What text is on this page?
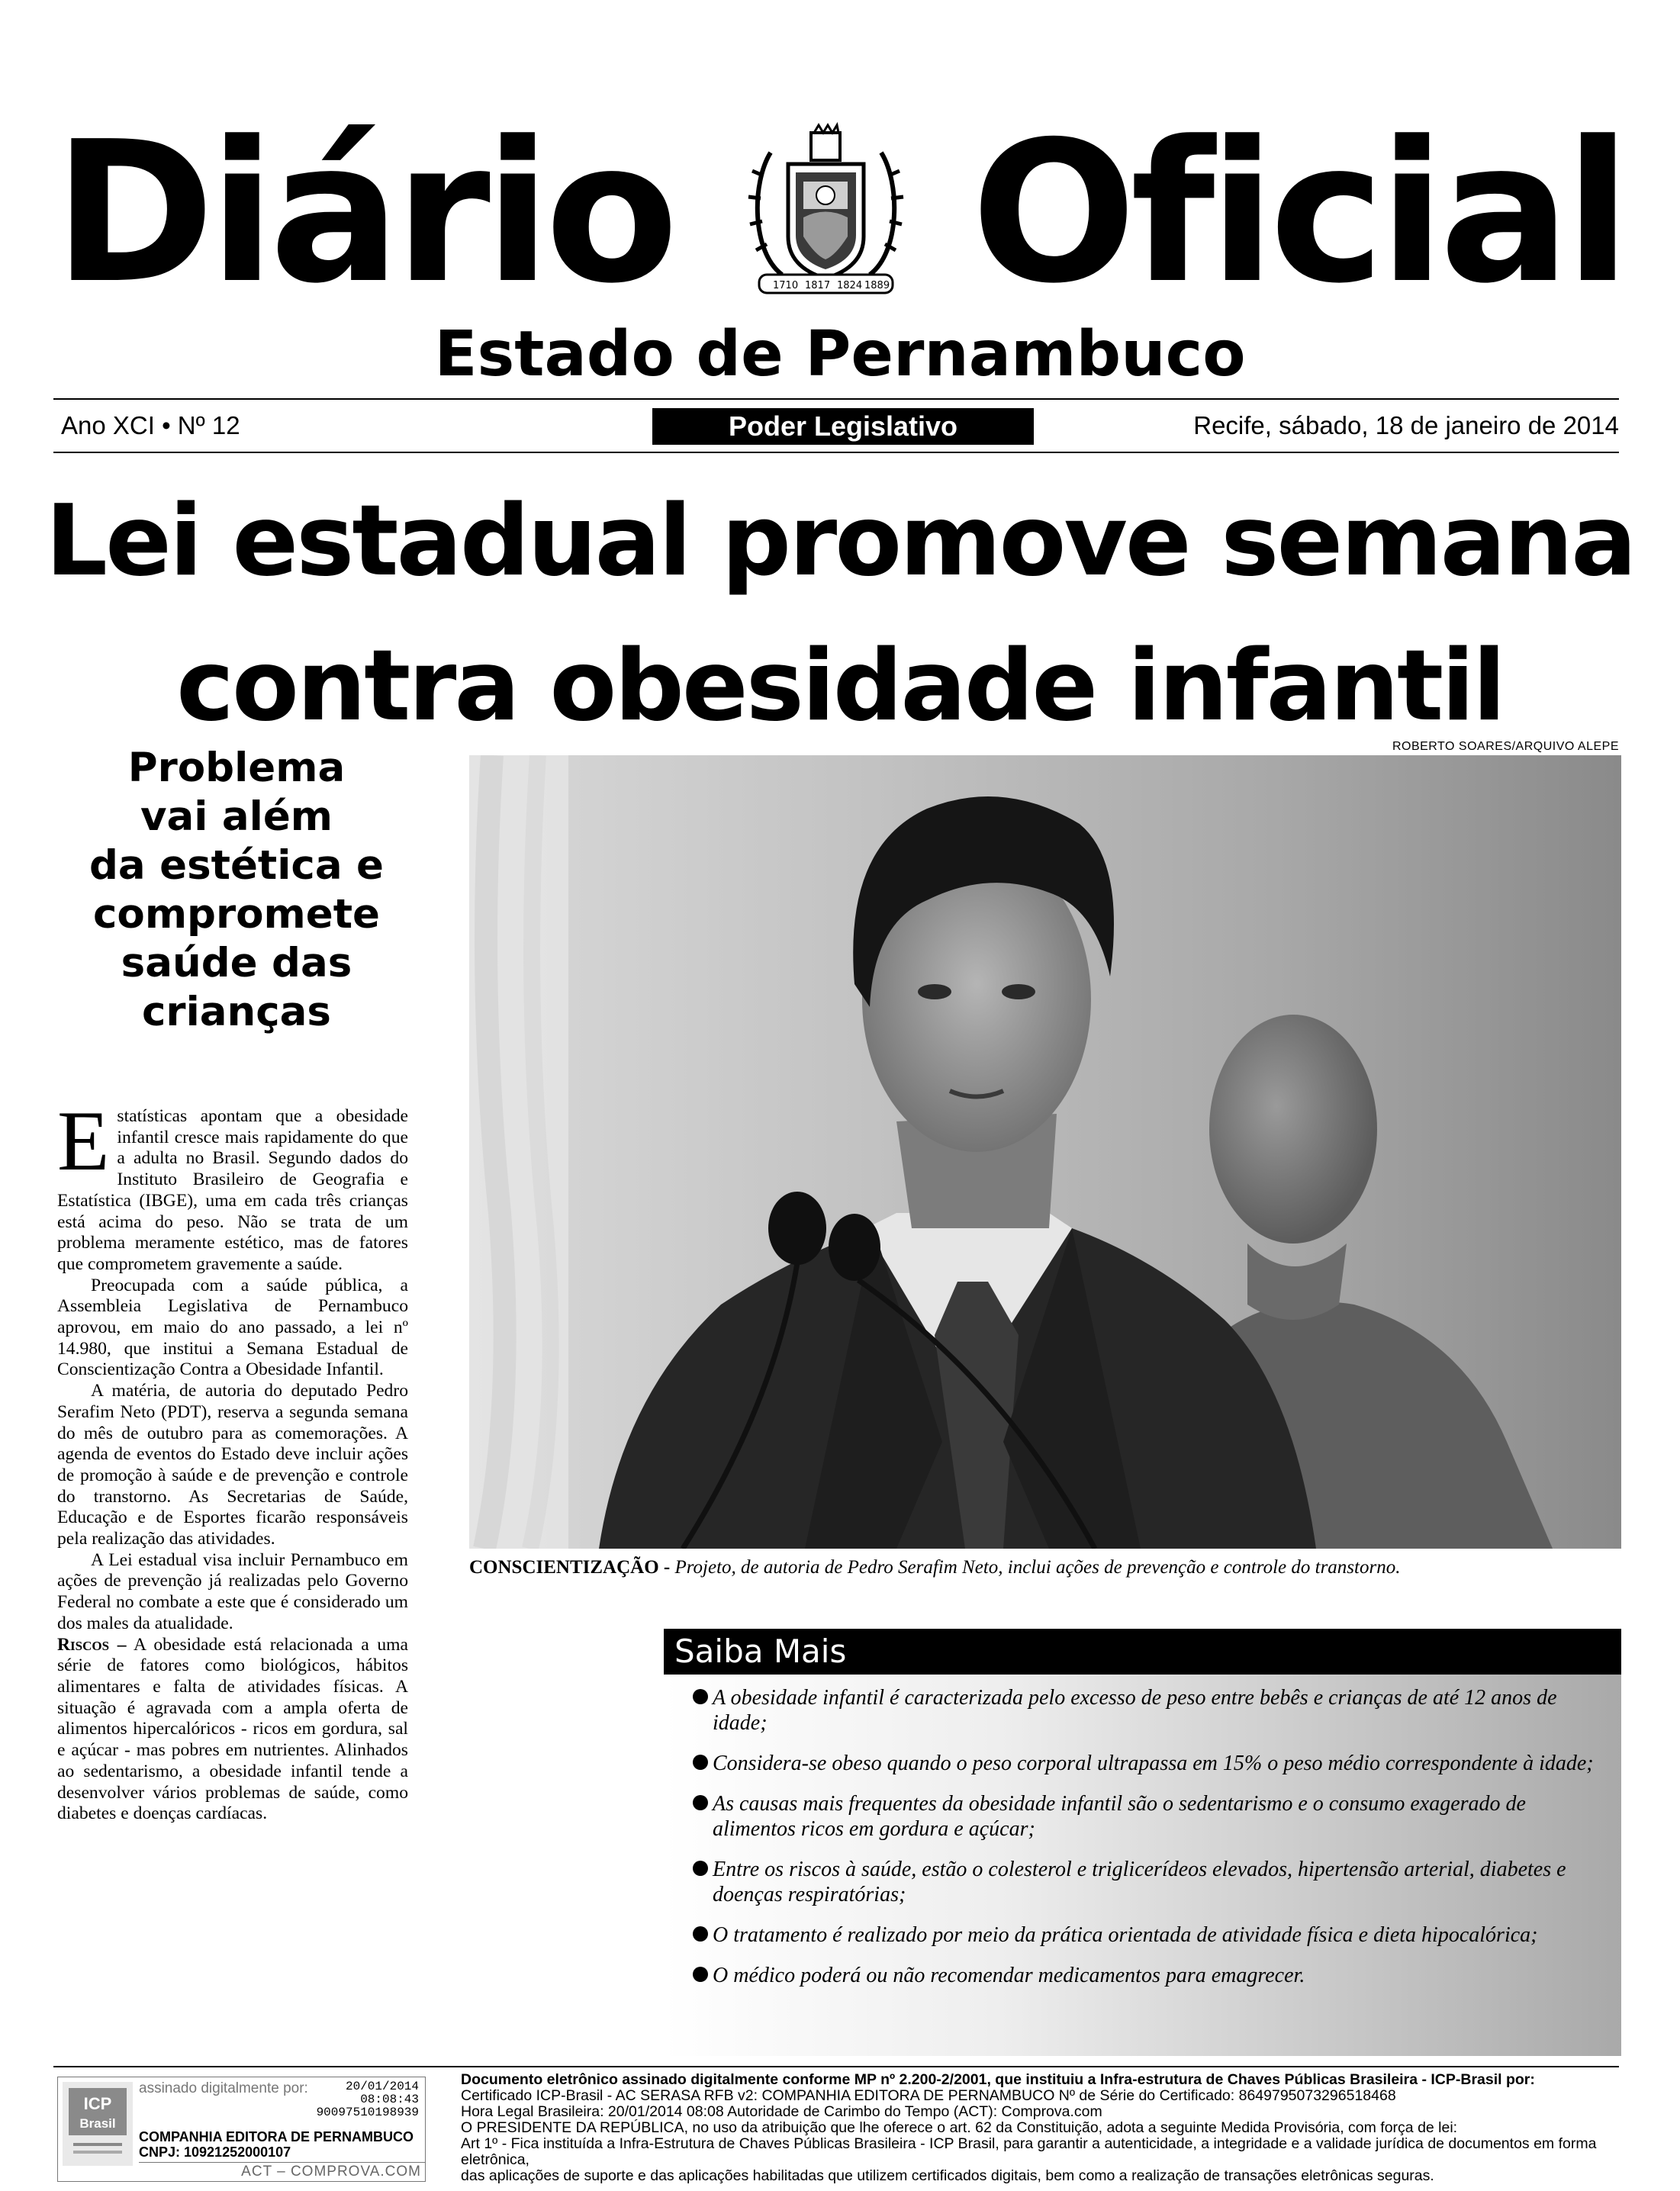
Diário	1710 1817 1824 1889 Oficial
Estado de Pernambuco
Ano XCI • Nº 12	Poder Legislativo	Recife, sábado, 18 de janeiro de 2014
Lei estadual promove semana
contra obesidade infantil
Problema
vai além
da estética e
compromete
saúde das
crianças

Estatísticas apontam que a obesidade infantil cresce mais rapidamente do que a adulta no Brasil. Segundo dados do Instituto Brasileiro de Geografia e Estatística (IBGE), uma em cada três crianças está acima do peso. Não se trata de um problema meramente estético, mas de fatores que comprometem gravemente a saúde.

Preocupada com a saúde pública, a Assembleia Legislativa de Pernambuco aprovou, em maio do ano passado, a lei nº 14.980, que institui a Semana Estadual de Conscientização Contra a Obesidade Infantil.

A matéria, de autoria do deputado Pedro Serafim Neto (PDT), reserva a segunda semana do mês de outubro para as comemorações. A agenda de eventos do Estado deve incluir ações de promoção à saúde e de prevenção e controle do transtorno. As Secretarias de Saúde, Educação e de Esportes ficarão responsáveis pela realização das atividades.

A Lei estadual visa incluir Pernambuco em ações de prevenção já realizadas pelo Governo Federal no combate a este que é considerado um dos males da atualidade.

Riscos – A obesidade está relacionada a uma série de fatores como biológicos, hábitos alimentares e falta de atividades físicas. A situação é agravada com a ampla oferta de alimentos hipercalóricos - ricos em gordura, sal e açúcar - mas pobres em nutrientes. Alinhados ao sedentarismo, a obesidade infantil tende a desenvolver vários problemas de saúde, como diabetes e doenças cardíacas.

ROBERTO SOARES/ARQUIVO ALEPE
CONSCIENTIZAÇÃO - Projeto, de autoria de Pedro Serafim Neto, inclui ações de prevenção e controle do transtorno.
Saiba Mais
A obesidade infantil é caracterizada pelo excesso de peso entre bebês e crianças de até 12 anos de idade;
Considera-se obeso quando o peso corporal ultrapassa em 15% o peso médio correspondente à idade;
As causas mais frequentes da obesidade infantil são o sedentarismo e o consumo exagerado de alimentos ricos em gordura e açúcar;
Entre os riscos à saúde, estão o colesterol e triglicerídeos elevados, hipertensão arterial, diabetes e doenças respiratórias;
O tratamento é realizado por meio da prática orientada de atividade física e dieta hipocalórica;
O médico poderá ou não recomendar medicamentos para emagrecer.
ICP
Brasil
assinado digitalmente por:	20/01/2014
08:08:43
90097510198939
COMPANHIA EDITORA DE PERNAMBUCO
CNPJ: 10921252000107
ACT – COMPROVA.COM
Documento eletrônico assinado digitalmente conforme MP nº 2.200-2/2001, que instituiu a Infra-estrutura de Chaves Públicas Brasileira - ICP-Brasil por:
Certificado ICP-Brasil - AC SERASA RFB v2: COMPANHIA EDITORA DE PERNAMBUCO Nº de Série do Certificado: 8649795073296518468
Hora Legal Brasileira: 20/01/2014 08:08 Autoridade de Carimbo do Tempo (ACT): Comprova.com
O PRESIDENTE DA REPÚBLICA, no uso da atribuição que lhe oferece o art. 62 da Constituição, adota a seguinte Medida Provisória, com força de lei:
Art 1º - Fica instituída a Infra-Estrutura de Chaves Públicas Brasileira - ICP Brasil, para garantir a autenticidade, a integridade e a validade jurídica de documentos em forma eletrônica,
das aplicações de suporte e das aplicações habilitadas que utilizem certificados digitais, bem como a realização de transações eletrônicas seguras.
